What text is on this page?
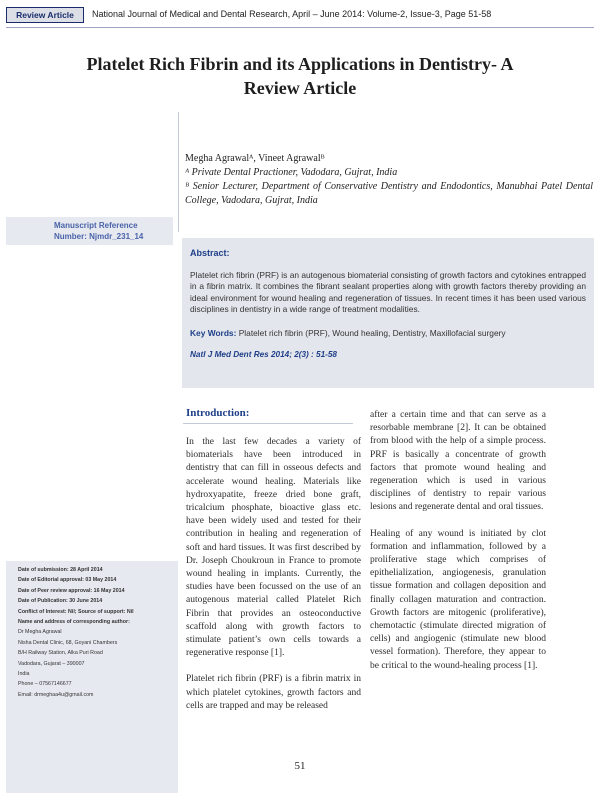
Review Article	National Journal of Medical and Dental Research, April – June 2014: Volume-2, Issue-3, Page 51-58
Platelet Rich Fibrin and its Applications in Dentistry- A
Review Article
Megha Agrawalᴬ, Vineet Agrawalᴮ
ᴬ Private Dental Practioner, Vadodara, Gujrat, India
ᴮ Senior Lecturer, Department of Conservative Dentistry and Endodontics, Manubhai Patel Dental College, Vadodara, Gujrat, India
Manuscript Reference
Number: Njmdr_231_14
Abstract:
Platelet rich fibrin (PRF) is an autogenous biomaterial consisting of growth factors and cytokines entrapped in a fibrin matrix. It combines the fibrant sealant properties along with growth factors thereby providing an ideal environment for wound healing and regeneration of tissues. In recent times it has been used various disciplines in dentistry in a wide range of treatment modalities.
Key Words: Platelet rich fibrin (PRF), Wound healing, Dentistry, Maxillofacial surgery
Natl J Med Dent Res 2014; 2(3) : 51-58
Introduction:

In the last few decades a variety of biomaterials have been introduced in dentistry that can fill in osseous defects and accelerate wound healing. Materials like hydroxyapatite, freeze dried bone graft, tricalcium phosphate, bioactive glass etc. have been widely used and tested for their contribution in healing and regeneration of soft and hard tissues. It was first described by Dr. Joseph Choukroun in France to promote wound healing in implants. Currently, the studies have been focussed on the use of an autogenous material called Platelet Rich Fibrin that provides an osteoconductive scaffold along with growth factors to stimulate patient’s own cells towards a regenerative response [1].

Platelet rich fibrin (PRF) is a fibrin matrix in which platelet cytokines, growth factors and cells are trapped and may be released

after a certain time and that can serve as a resorbable membrane [2]. It can be obtained from blood with the help of a simple process. PRF is basically a concentrate of growth factors that promote wound healing and regeneration which is used in various disciplines of dentistry to repair various lesions and regenerate dental and oral tissues.

Healing of any wound is initiated by clot formation and inflammation, followed by a proliferative stage which comprises of epithelialization, angiogenesis, granulation tissue formation and collagen deposition and finally collagen maturation and contraction. Growth factors are mitogenic (proliferative), chemotactic (stimulate directed migration of cells) and angiogenic (stimulate new blood vessel formation). Therefore, they appear to be critical to the wound-healing process [1].

Date of submission: 28 April 2014
Date of Editorial approval: 03 May 2014
Date of Peer review approval: 16 May 2014
Date of Publication: 30 June 2014
Conflict of Interest: Nil; Source of support: Nil
Name and address of corresponding author:
Dr Megha Agrawal
Nisha Dental Clinic, 68, Goyani Chambers
B/H Railway Station, Alka Puri Road
Vadodara, Gujarat – 390007
India
Phone – 07567146677
Email: drmeghaa4u@gmail.com
51
